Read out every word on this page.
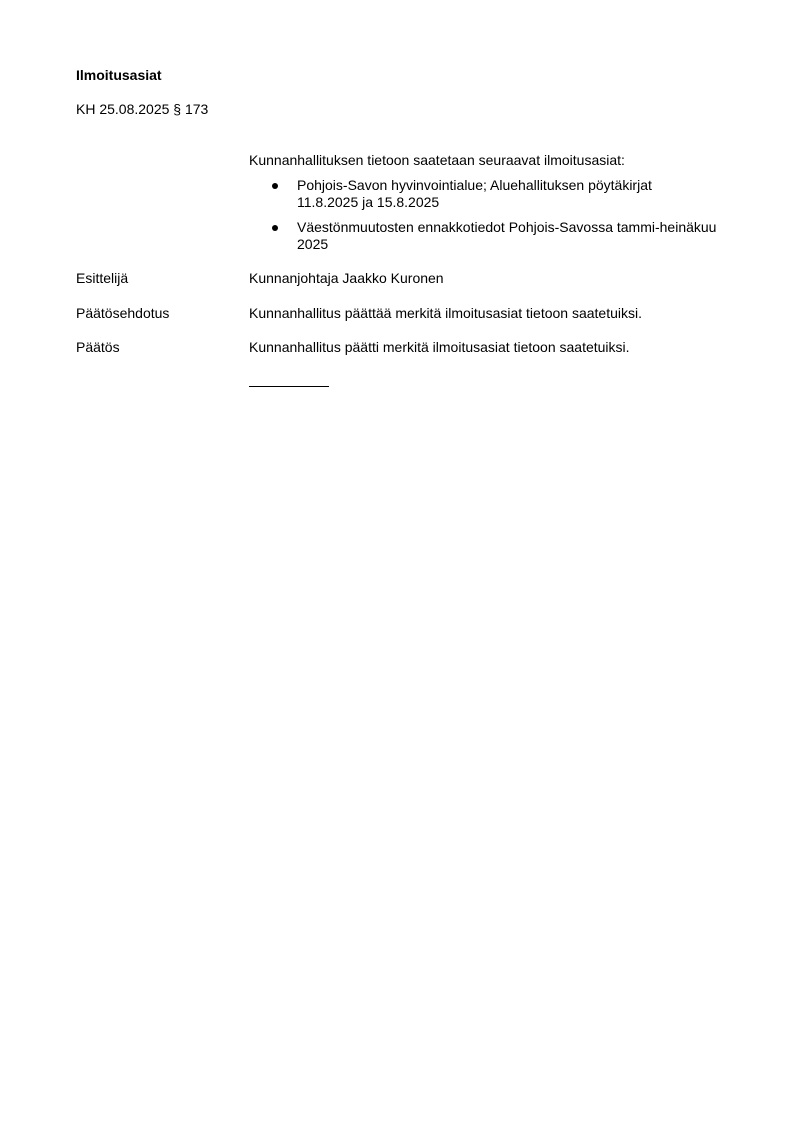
Ilmoitusasiat
KH 25.08.2025 § 173
Kunnanhallituksen tietoon saatetaan seuraavat ilmoitusasiat:
Pohjois-Savon hyvinvointialue; Aluehallituksen pöytäkirjat
11.8.2025 ja 15.8.2025
Väestönmuutosten ennakkotiedot Pohjois-Savossa tammi-heinäkuu
2025
Esittelijä	Kunnanjohtaja Jaakko Kuronen
Päätösehdotus	Kunnanhallitus päättää merkitä ilmoitusasiat tietoon saatetuiksi.
Päätös	Kunnanhallitus päätti merkitä ilmoitusasiat tietoon saatetuiksi.
